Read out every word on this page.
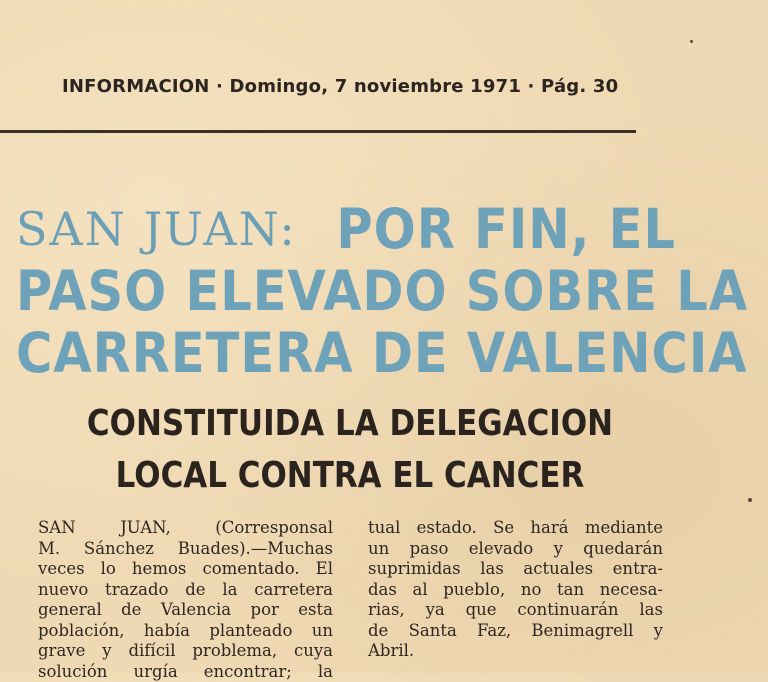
INFORMACION · Domingo, 7 noviembre 1971 · Pág. 30
SAN JUAN: POR FIN, EL
PASO ELEVADO SOBRE LA
CARRETERA DE VALENCIA
CONSTITUIDA LA DELEGACION
LOCAL CONTRA EL CANCER
SAN JUAN, (Corresponsal
M. Sánchez Buades).—Muchas
veces lo hemos comentado. El
nuevo trazado de la carretera
general de Valencia por esta
población, había planteado un
grave y difícil problema, cuya
solución urgía encontrar; la
tual estado. Se hará mediante
un paso elevado y quedarán
suprimidas las actuales entra-
das al pueblo, no tan necesa-
rias, ya que continuarán las
de Santa Faz, Benimagrell y
Abril.
